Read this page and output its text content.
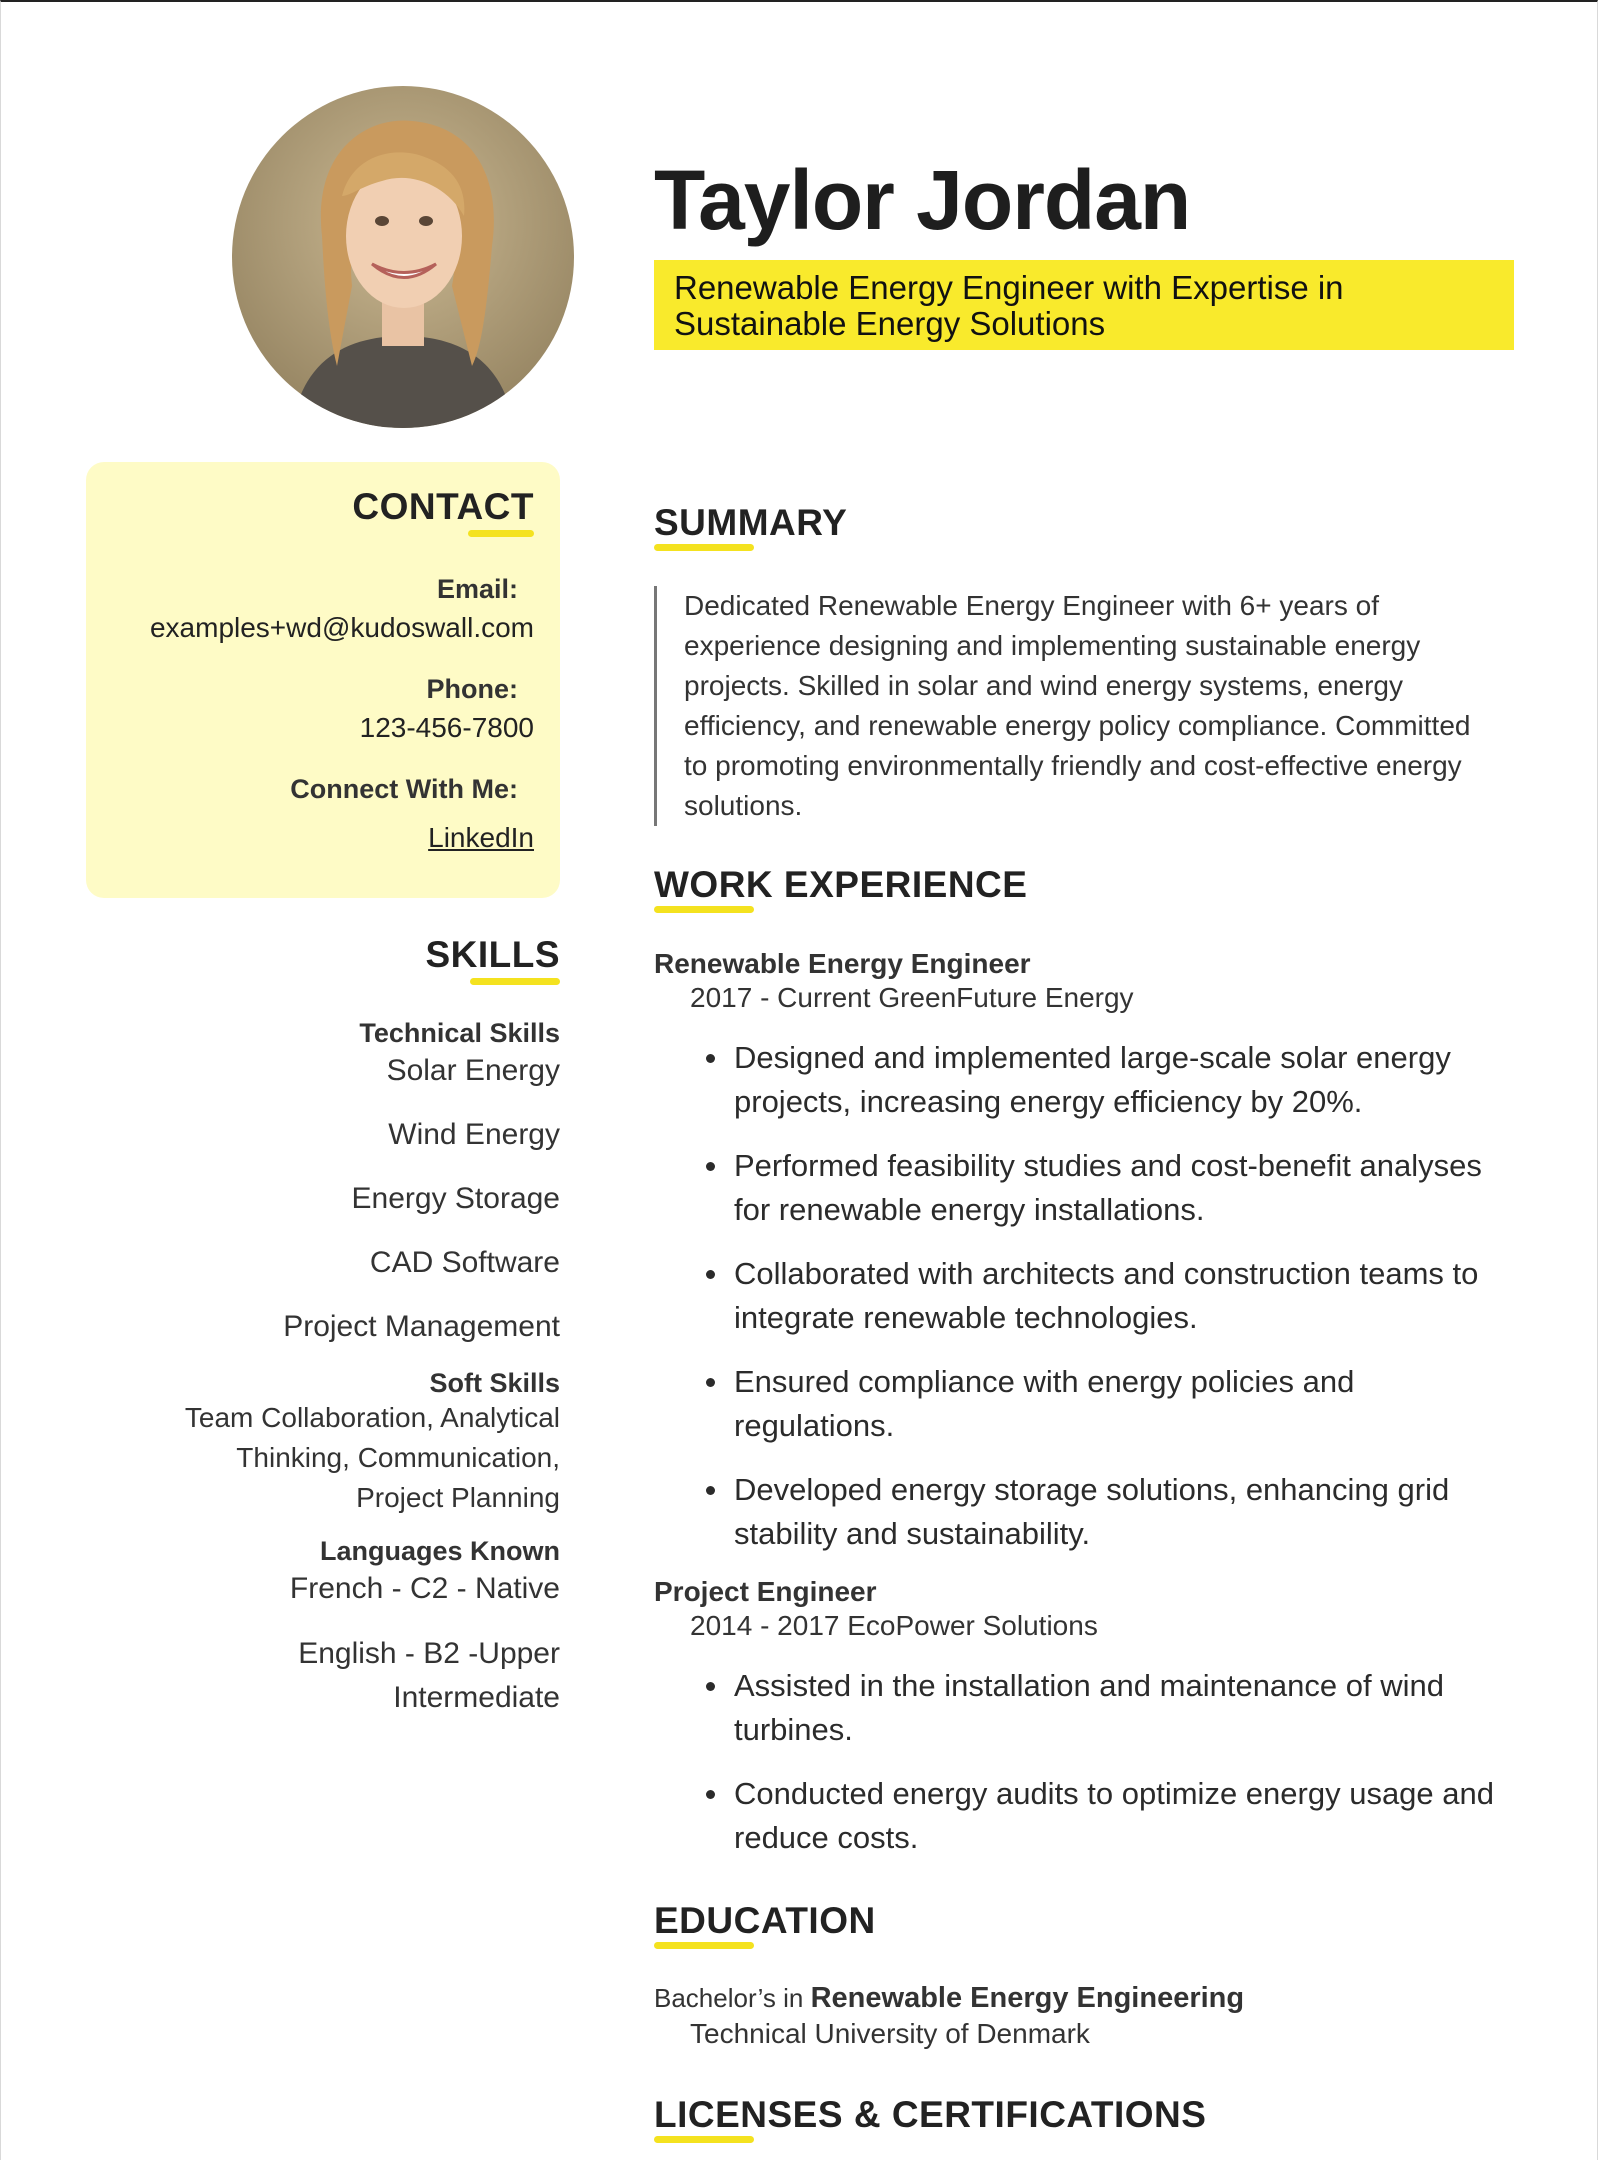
Taylor Jordan
Renewable Energy Engineer with Expertise in
Sustainable Energy Solutions
CONTACT
Email:
examples+wd@kudoswall.com
Phone:
123-456-7800
Connect With Me:
LinkedIn
SKILLS
Technical Skills
Solar Energy
Wind Energy
Energy Storage
CAD Software
Project Management
Soft Skills
Team Collaboration, Analytical
Thinking, Communication,
Project Planning
Languages Known
French - C2 - Native
English - B2 -Upper
Intermediate
SUMMARY
Dedicated Renewable Energy Engineer with 6+ years of experience designing and implementing sustainable energy projects. Skilled in solar and wind energy systems, energy efficiency, and renewable energy policy compliance. Committed to promoting environmentally friendly and cost-effective energy solutions.
WORK EXPERIENCE
Renewable Energy Engineer
2017 - Current GreenFuture Energy
Designed and implemented large-scale solar energy projects, increasing energy efficiency by 20%.
Performed feasibility studies and cost-benefit analyses for renewable energy installations.
Collaborated with architects and construction teams to integrate renewable technologies.
Ensured compliance with energy policies and regulations.
Developed energy storage solutions, enhancing grid stability and sustainability.
Project Engineer
2014 - 2017 EcoPower Solutions
Assisted in the installation and maintenance of wind turbines.
Conducted energy audits to optimize energy usage and reduce costs.
EDUCATION
Bachelor’s in Renewable Energy Engineering
Technical University of Denmark
LICENSES & CERTIFICATIONS
